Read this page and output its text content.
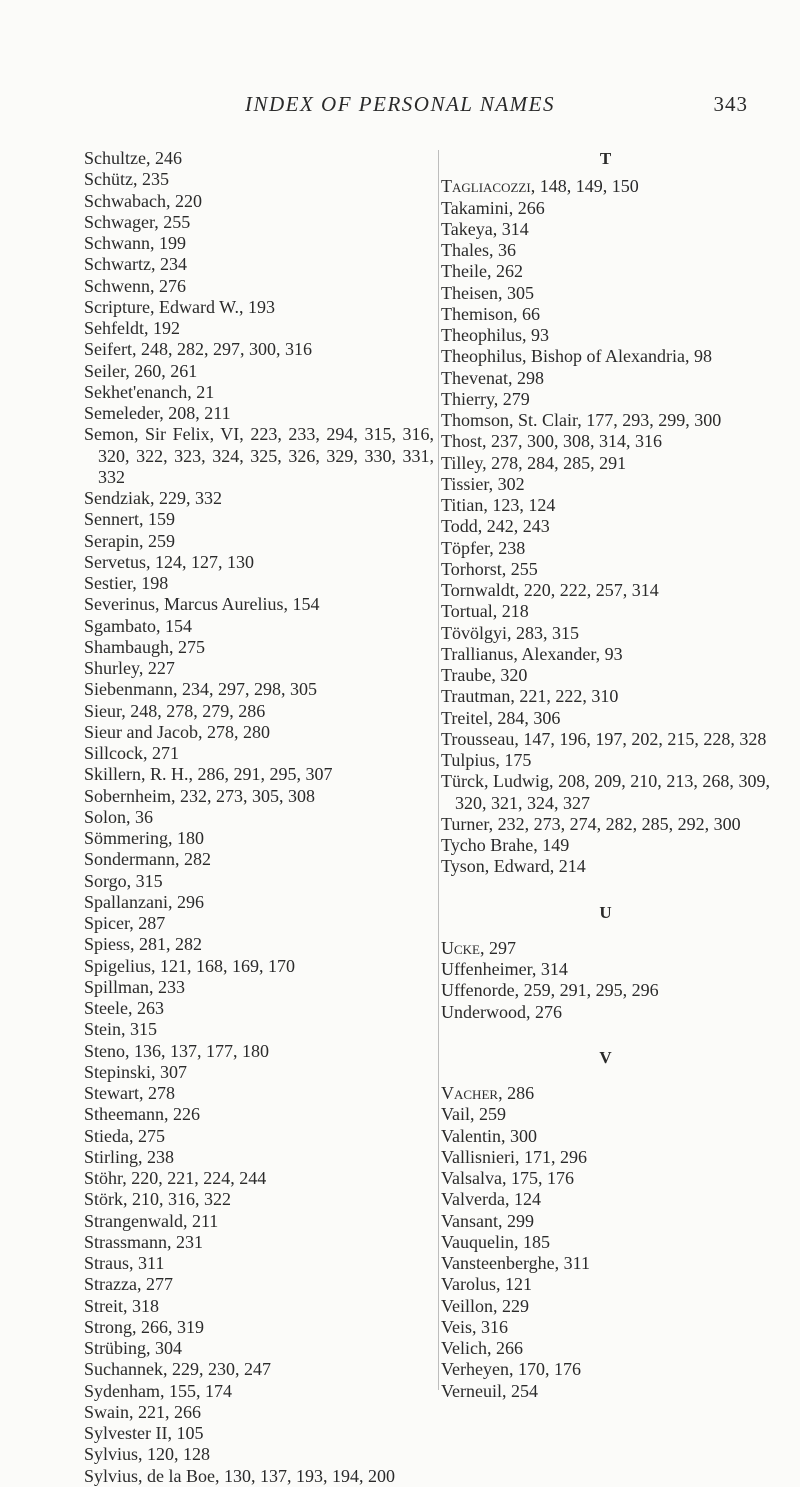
INDEX OF PERSONAL NAMES	343
Schultze, 246
Schütz, 235
Schwabach, 220
Schwager, 255
Schwann, 199
Schwartz, 234
Schwenn, 276
Scripture, Edward W., 193
Sehfeldt, 192
Seifert, 248, 282, 297, 300, 316
Seiler, 260, 261
Sekhet'enanch, 21
Semeleder, 208, 211
Semon, Sir Felix, VI, 223, 233, 294, 315, 316, 320, 322, 323, 324, 325, 326, 329, 330, 331, 332
Sendziak, 229, 332
Sennert, 159
Serapin, 259
Servetus, 124, 127, 130
Sestier, 198
Severinus, Marcus Aurelius, 154
Sgambato, 154
Shambaugh, 275
Shurley, 227
Siebenmann, 234, 297, 298, 305
Sieur, 248, 278, 279, 286
Sieur and Jacob, 278, 280
Sillcock, 271
Skillern, R. H., 286, 291, 295, 307
Sobernheim, 232, 273, 305, 308
Solon, 36
Sömmering, 180
Sondermann, 282
Sorgo, 315
Spallanzani, 296
Spicer, 287
Spiess, 281, 282
Spigelius, 121, 168, 169, 170
Spillman, 233
Steele, 263
Stein, 315
Steno, 136, 137, 177, 180
Stepinski, 307
Stewart, 278
Stheemann, 226
Stieda, 275
Stirling, 238
Stöhr, 220, 221, 224, 244
Störk, 210, 316, 322
Strangenwald, 211
Strassmann, 231
Straus, 311
Strazza, 277
Streit, 318
Strong, 266, 319
Strübing, 304
Suchannek, 229, 230, 247
Sydenham, 155, 174
Swain, 221, 266
Sylvester II, 105
Sylvius, 120, 128
Sylvius, de la Boe, 130, 137, 193, 194, 200
T
Tagliacozzi, 148, 149, 150
Takamini, 266
Takeya, 314
Thales, 36
Theile, 262
Theisen, 305
Themison, 66
Theophilus, 93
Theophilus, Bishop of Alexandria, 98
Thevenat, 298
Thierry, 279
Thomson, St. Clair, 177, 293, 299, 300
Thost, 237, 300, 308, 314, 316
Tilley, 278, 284, 285, 291
Tissier, 302
Titian, 123, 124
Todd, 242, 243
Töpfer, 238
Torhorst, 255
Tornwaldt, 220, 222, 257, 314
Tortual, 218
Tövölgyi, 283, 315
Trallianus, Alexander, 93
Traube, 320
Trautman, 221, 222, 310
Treitel, 284, 306
Trousseau, 147, 196, 197, 202, 215, 228, 328
Tulpius, 175
Türck, Ludwig, 208, 209, 210, 213, 268, 309, 320, 321, 324, 327
Turner, 232, 273, 274, 282, 285, 292, 300
Tycho Brahe, 149
Tyson, Edward, 214
U
Ucke, 297
Uffenheimer, 314
Uffenorde, 259, 291, 295, 296
Underwood, 276
V
Vacher, 286
Vail, 259
Valentin, 300
Vallisnieri, 171, 296
Valsalva, 175, 176
Valverda, 124
Vansant, 299
Vauquelin, 185
Vansteenberghe, 311
Varolus, 121
Veillon, 229
Veis, 316
Velich, 266
Verheyen, 170, 176
Verneuil, 254
